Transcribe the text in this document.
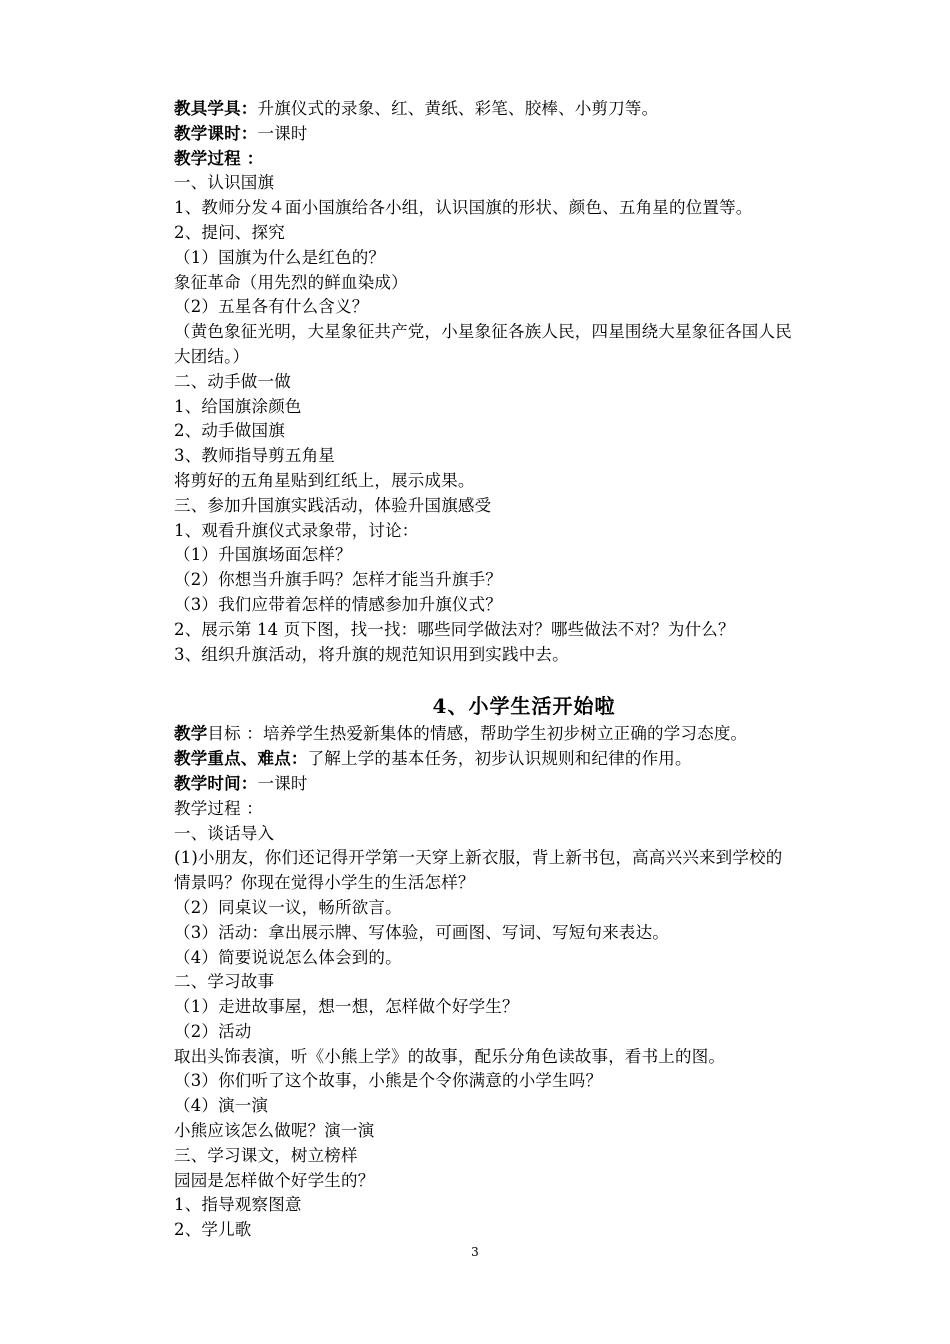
教具学具：升旗仪式的录象、红、黄纸、彩笔、胶棒、小剪刀等。
教学课时：一课时
教学过程 ：
一、认识国旗
1、教师分发４面小国旗给各小组，认识国旗的形状、颜色、五角星的位置等。
2、提问、探究
（1）国旗为什么是红色的？
象征革命（用先烈的鲜血染成）
（2）五星各有什么含义？
（黄色象征光明，大星象征共产党，小星象征各族人民，四星围绕大星象征各国人民
大团结。）
二、动手做一做
1、给国旗涂颜色
2、动手做国旗
3、教师指导剪五角星
将剪好的五角星贴到红纸上，展示成果。
三、参加升国旗实践活动，体验升国旗感受
1、观看升旗仪式录象带，讨论：
（1）升国旗场面怎样？
（2）你想当升旗手吗？怎样才能当升旗手？
（3）我们应带着怎样的情感参加升旗仪式？
2、展示第 14 页下图，找一找：哪些同学做法对？哪些做法不对？为什么？
3、组织升旗活动，将升旗的规范知识用到实践中去。
4、小学生活开始啦
教学目标 ：培养学生热爱新集体的情感，帮助学生初步树立正确的学习态度。
教学重点、难点：了解上学的基本任务，初步认识规则和纪律的作用。
教学时间：一课时
教学过程 ：
一、谈话导入
(1)小朋友，你们还记得开学第一天穿上新衣服，背上新书包，高高兴兴来到学校的
情景吗？你现在觉得小学生的生活怎样？
（2）同桌议一议，畅所欲言。
（3）活动：拿出展示牌、写体验，可画图、写词、写短句来表达。
（4）简要说说怎么体会到的。
二、学习故事
（1）走进故事屋，想一想，怎样做个好学生？
（2）活动
取出头饰表演，听《小熊上学》的故事，配乐分角色读故事，看书上的图。
（3）你们听了这个故事，小熊是个令你满意的小学生吗？
（4）演一演
小熊应该怎么做呢？演一演
三、学习课文，树立榜样
园园是怎样做个好学生的？
1、指导观察图意
2、学儿歌
3
